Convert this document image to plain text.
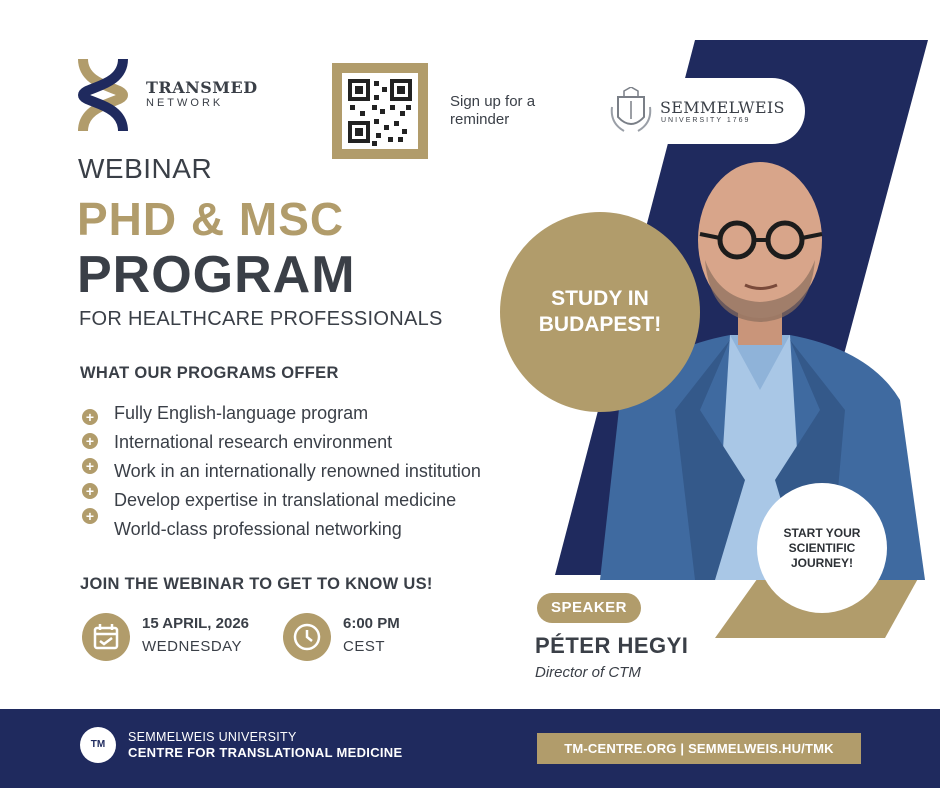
TRANSMED
NETWORK	Sign up for a reminder
SEMMELWEIS
UNIVERSITY 1769
WEBINAR
PHD & MSC
PROGRAM
FOR HEALTHCARE PROFESSIONALS
WHAT OUR PROGRAMS OFFER
+
+
+
+
+
Fully English-language program
International research environment
Work in an internationally renowned institution
Develop expertise in translational medicine
World-class professional networking
JOIN THE WEBINAR TO GET TO KNOW US!
15 APRIL, 2026
WEDNESDAY
6:00 PM
CEST
STUDY IN BUDAPEST!
START YOUR SCIENTIFIC JOURNEY!
SPEAKER
PÉTER HEGYI
Director of CTM
TM
SEMMELWEIS UNIVERSITY
CENTRE FOR TRANSLATIONAL MEDICINE	TM-CENTRE.ORG | SEMMELWEIS.HU/TMK
